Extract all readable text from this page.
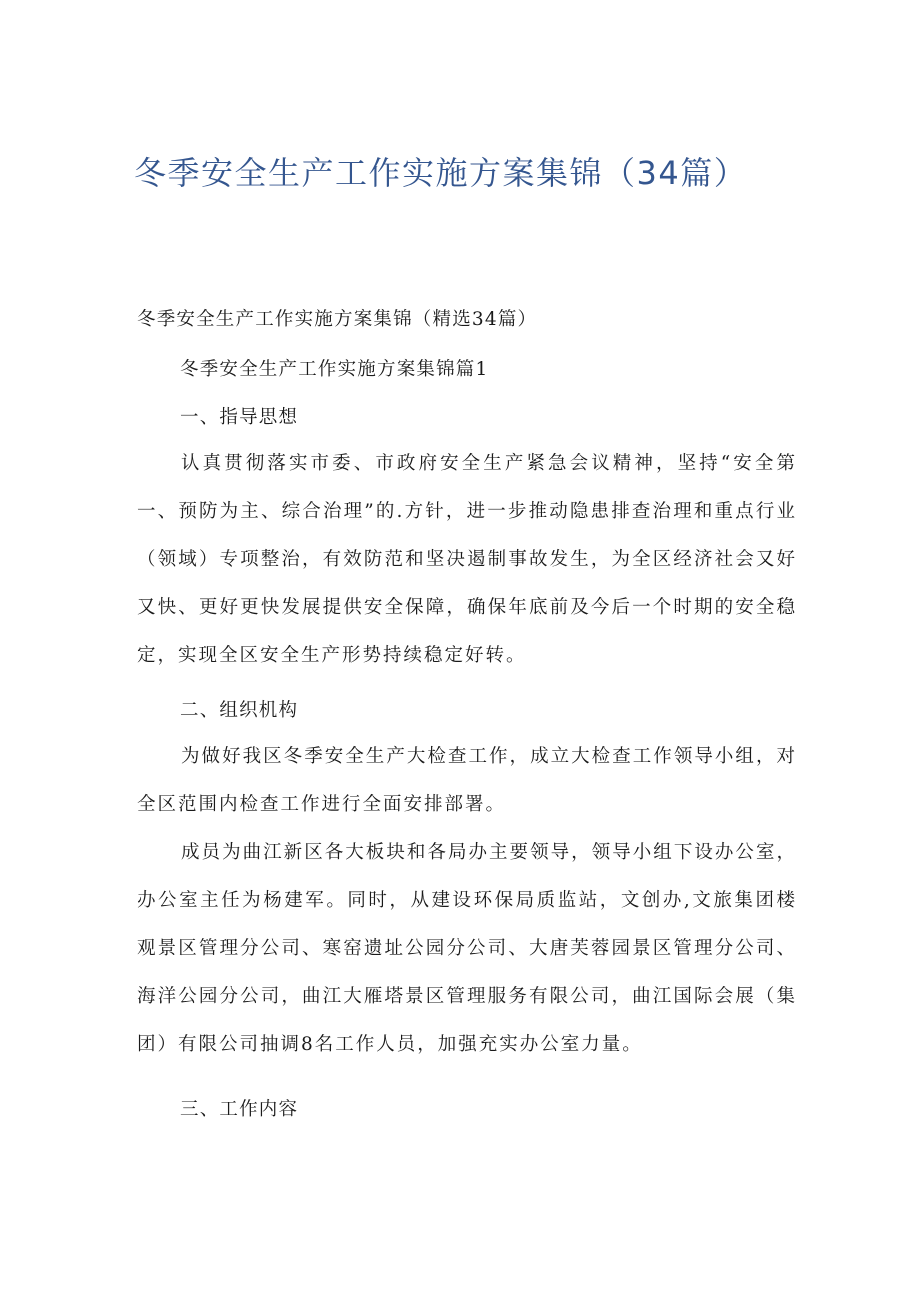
冬季安全生产工作实施方案集锦（34篇）

冬季安全生产工作实施方案集锦（精选34篇）

冬季安全生产工作实施方案集锦篇1

一、指导思想

认真贯彻落实市委、市政府安全生产紧急会议精神，坚持“安全第一、预防为主、综合治理”的.方针，进一步推动隐患排查治理和重点行业（领域）专项整治，有效防范和坚决遏制事故发生，为全区经济社会又好又快、更好更快发展提供安全保障，确保年底前及今后一个时期的安全稳定，实现全区安全生产形势持续稳定好转。

二、组织机构

为做好我区冬季安全生产大检查工作，成立大检查工作领导小组，对全区范围内检查工作进行全面安排部署。

成员为曲江新区各大板块和各局办主要领导，领导小组下设办公室，办公室主任为杨建军。同时，从建设环保局质监站，文创办,文旅集团楼观景区管理分公司、寒窑遗址公园分公司、大唐芙蓉园景区管理分公司、海洋公园分公司，曲江大雁塔景区管理服务有限公司，曲江国际会展（集团）有限公司抽调8名工作人员，加强充实办公室力量。

三、工作内容
